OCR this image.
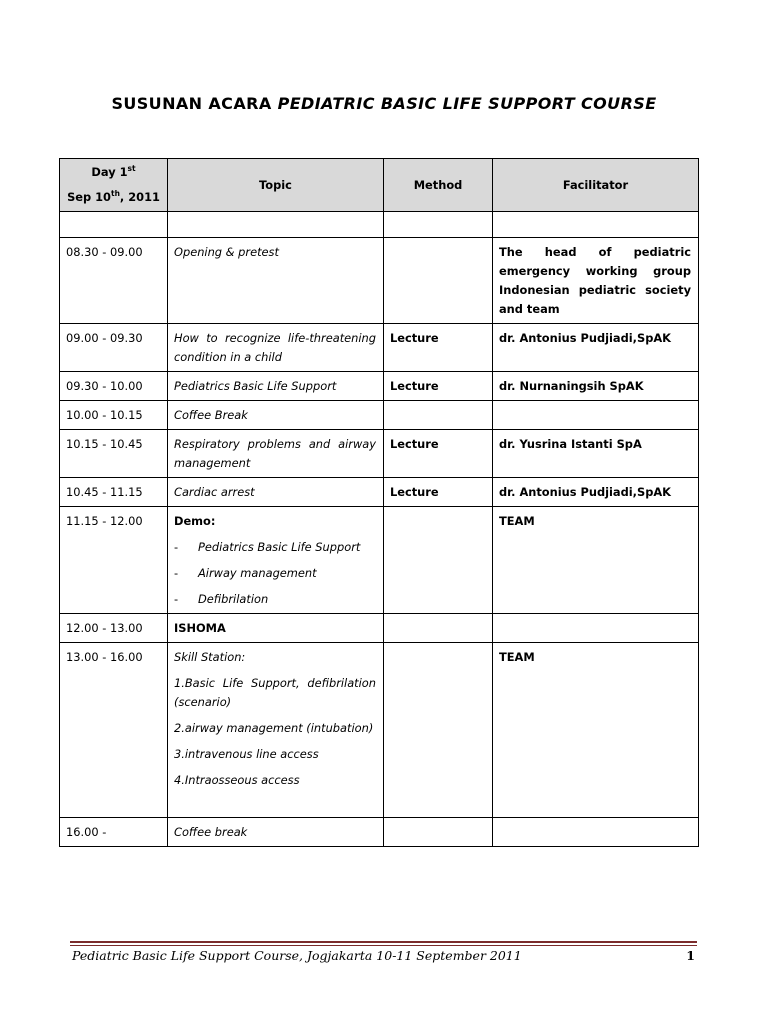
SUSUNAN ACARA PEDIATRIC BASIC LIFE SUPPORT COURSE
Day 1st
Sep 10th, 2011	Topic	Method	Facilitator

08.30 - 09.00	Opening & pretest		The head of pediatric emergency working group Indonesian pediatric society and team
09.00 - 09.30	How to recognize life-threatening condition in a child	Lecture	dr. Antonius Pudjiadi,SpAK
09.30 - 10.00	Pediatrics Basic Life Support	Lecture	dr. Nurnaningsih SpAK
10.00 - 10.15	Coffee Break		
10.15 - 10.45	Respiratory problems and airway management	Lecture	dr. Yusrina Istanti SpA
10.45 - 11.15	Cardiac arrest	Lecture	dr. Antonius Pudjiadi,SpAK
11.15 - 12.00	Demo:
- Pediatrics Basic Life Support
- Airway management
- Defibrilation		TEAM
12.00 - 13.00	ISHOMA		
13.00 - 16.00	Skill Station:
1.Basic Life Support, defibrilation (scenario)
2.airway management (intubation)
3.intravenous line access
4.Intraosseous access		TEAM
16.00 -	Coffee break		
Pediatric Basic Life Support Course, Jogjakarta 10-11 September 2011	1
